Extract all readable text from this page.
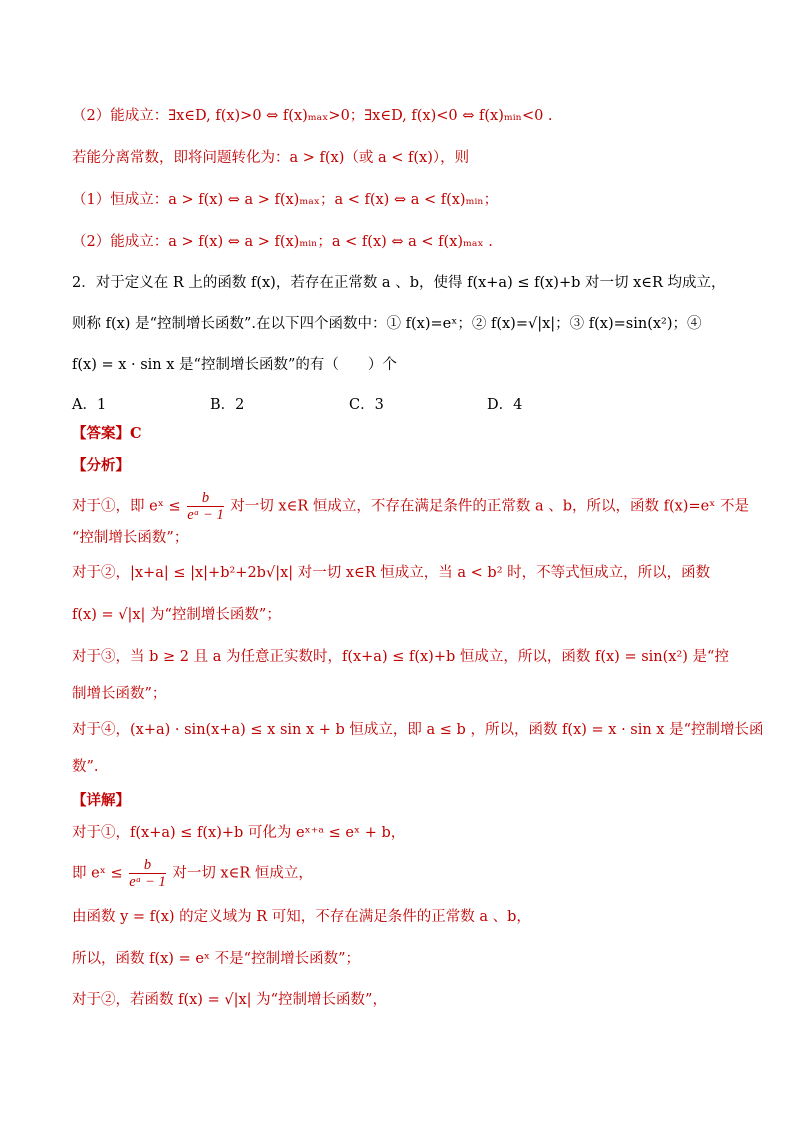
（2）能成立：∃x∈D, f(x)>0 ⇔ f(x)ₘₐₓ>0；∃x∈D, f(x)<0 ⇔ f(x)ₘᵢₙ<0 .
若能分离常数，即将问题转化为：a > f(x)（或 a < f(x)），则
（1）恒成立：a > f(x) ⇔ a > f(x)ₘₐₓ；a < f(x) ⇔ a < f(x)ₘᵢₙ；
（2）能成立：a > f(x) ⇔ a > f(x)ₘᵢₙ；a < f(x) ⇔ a < f(x)ₘₐₓ .
2．对于定义在 R 上的函数 f(x)，若存在正常数 a 、b，使得 f(x+a) ≤ f(x)+b 对一切 x∈R 均成立，
则称 f(x) 是“控制增长函数”.在以下四个函数中：① f(x)=eˣ；② f(x)=√|x|；③ f(x)=sin(x²)；④
f(x) = x · sin x 是“控制增长函数”的有（　　）个
A．1	B．2	C．3	D．4
【答案】C
【分析】
对于①，即 eˣ ≤ $\frac{b}{\text{eᵃ − 1}}$ 对一切 x∈R 恒成立，不存在满足条件的正常数 a 、b，所以，函数 f(x)=eˣ 不是
“控制增长函数”；
对于②，|x+a| ≤ |x|+b²+2b√|x| 对一切 x∈R 恒成立，当 a < b² 时，不等式恒成立，所以，函数
f(x) = √|x| 为“控制增长函数”；
对于③，当 b ≥ 2 且 a 为任意正实数时，f(x+a) ≤ f(x)+b 恒成立，所以，函数 f(x) = sin(x²) 是“控
制增长函数”；
对于④，(x+a) · sin(x+a) ≤ x sin x + b 恒成立，即 a ≤ b ，所以，函数 f(x) = x · sin x 是“控制增长函
数”.
【详解】
对于①，f(x+a) ≤ f(x)+b 可化为 eˣ⁺ᵃ ≤ eˣ + b，
即 eˣ ≤ $\frac{b}{\text{eᵃ − 1}}$ 对一切 x∈R 恒成立，
由函数 y = f(x) 的定义域为 R 可知，不存在满足条件的正常数 a 、b，
所以，函数 f(x) = eˣ 不是“控制增长函数”；
对于②，若函数 f(x) = √|x| 为“控制增长函数”，
